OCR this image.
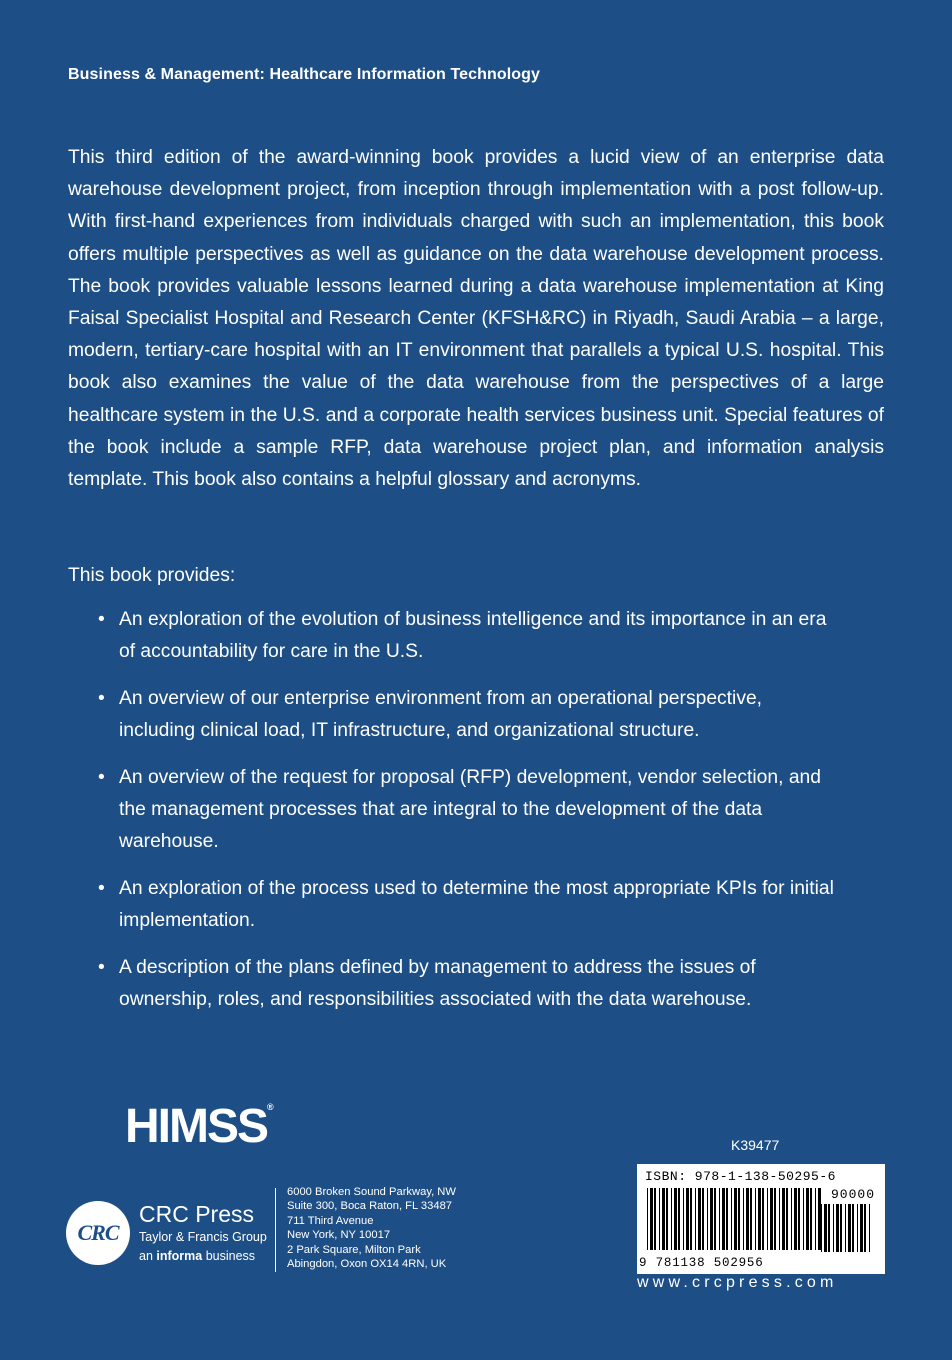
Business & Management: Healthcare Information Technology

This third edition of the award-winning book provides a lucid view of an enterprise data warehouse development project, from inception through implementation with a post follow-up. With first-hand experiences from individuals charged with such an implementation, this book offers multiple perspectives as well as guidance on the data warehouse development process. The book provides valuable lessons learned during a data warehouse implementation at King Faisal Specialist Hospital and Research Center (KFSH&RC) in Riyadh, Saudi Arabia – a large, modern, tertiary-care hospital with an IT environment that parallels a typical U.S. hospital. This book also examines the value of the data warehouse from the perspectives of a large healthcare system in the U.S. and a corporate health services business unit. Special features of the book include a sample RFP, data warehouse project plan, and information analysis template. This book also contains a helpful glossary and acronyms.

This book provides:
• An exploration of the evolution of business intelligence and its importance in an era of accountability for care in the U.S.
• An overview of our enterprise environment from an operational perspective, including clinical load, IT infrastructure, and organizational structure.
• An overview of the request for proposal (RFP) development, vendor selection, and the management processes that are integral to the development of the data warehouse.
• An exploration of the process used to determine the most appropriate KPIs for initial implementation.
• A description of the plans defined by management to address the issues of ownership, roles, and responsibilities associated with the data warehouse.
HIMSS®
CRC
CRC Press
Taylor & Francis Group
an informa business
6000 Broken Sound Parkway, NW
Suite 300, Boca Raton, FL 33487
711 Third Avenue
New York, NY 10017
2 Park Square, Milton Park
Abingdon, Oxon OX14 4RN, UK
K39477
ISBN: 978-1-138-50295-6
90000
9 781138 502956
www.crcpress.com
